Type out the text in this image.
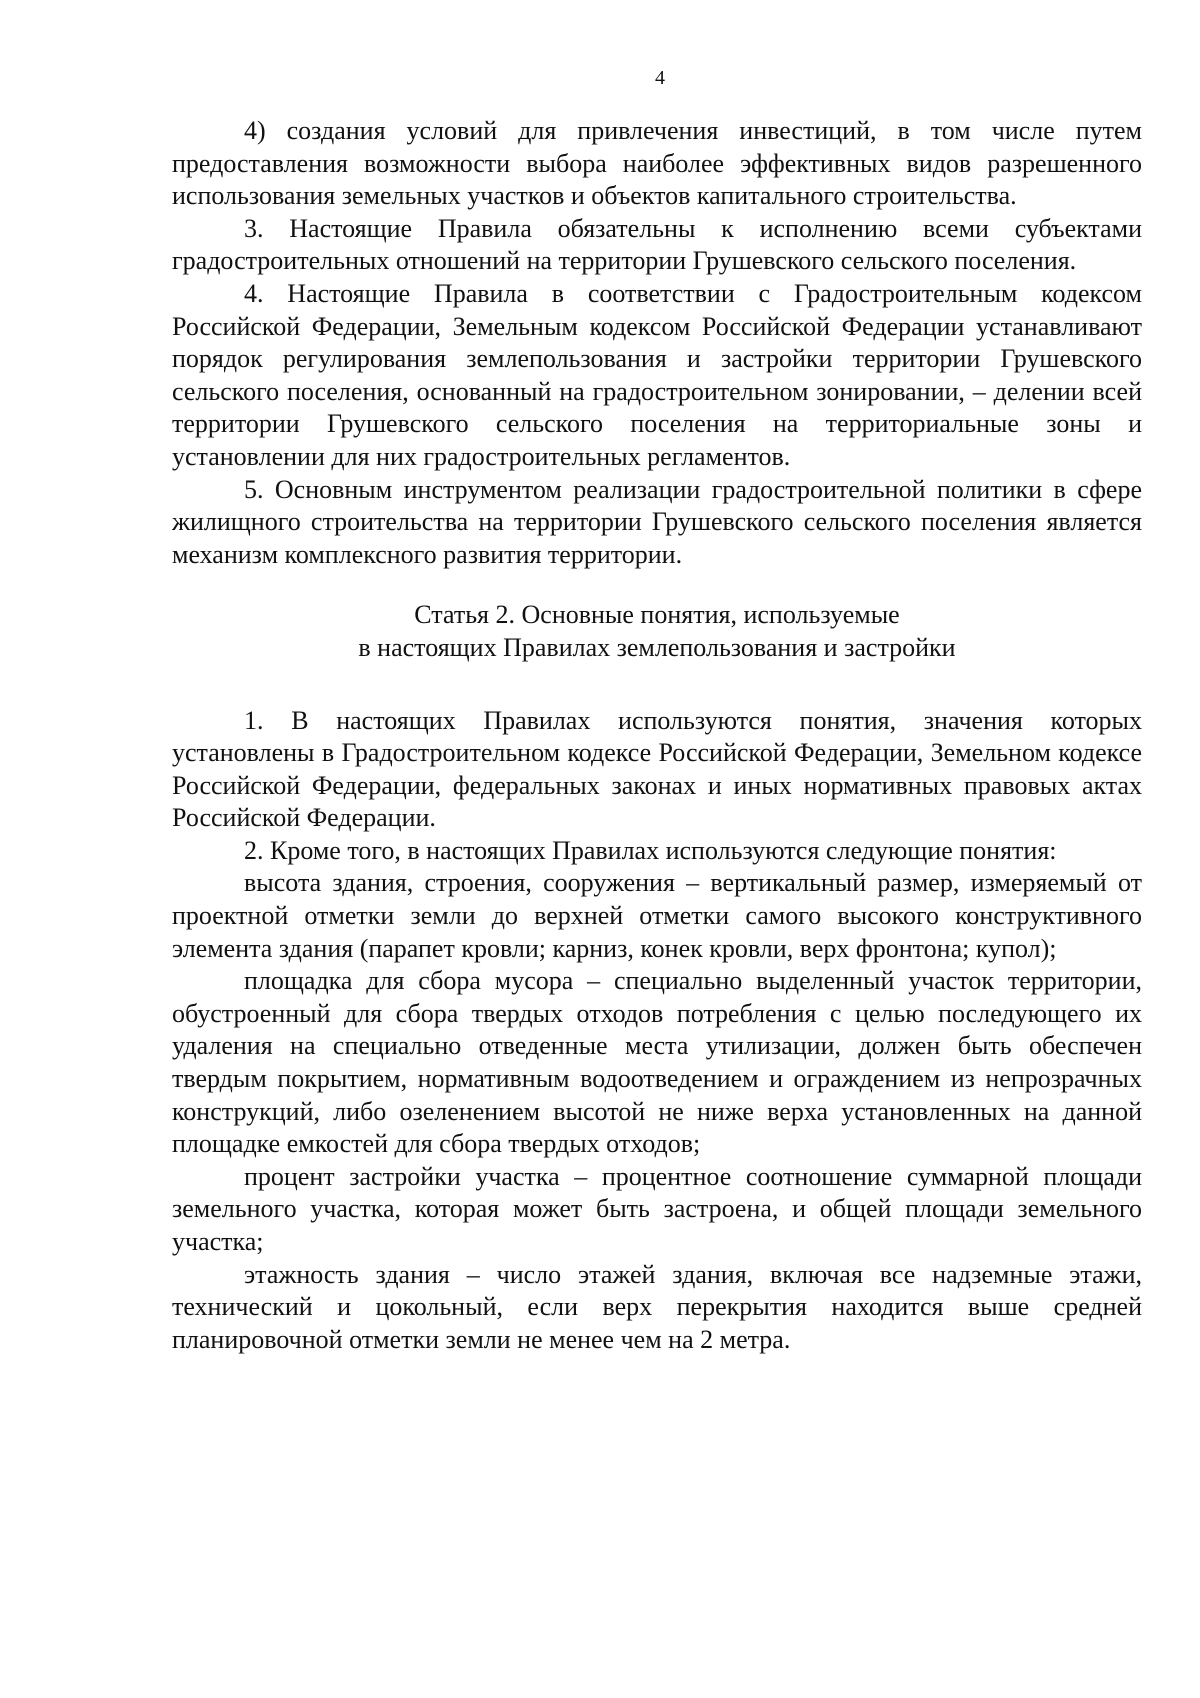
4

4) создания условий для привлечения инвестиций, в том числе путем предоставления возможности выбора наиболее эффективных видов разрешенного использования земельных участков и объектов капитального строительства.

3. Настоящие Правила обязательны к исполнению всеми субъектами градостроительных отношений на территории Грушевского сельского поселения.

4. Настоящие Правила в соответствии с Градостроительным кодексом Российской Федерации, Земельным кодексом Российской Федерации устанавливают порядок регулирования землепользования и застройки территории Грушевского сельского поселения, основанный на градостроительном зонировании, – делении всей территории Грушевского сельского поселения на территориальные зоны и установлении для них градостроительных регламентов.

5. Основным инструментом реализации градостроительной политики в сфере жилищного строительства на территории Грушевского сельского поселения является механизм комплексного развития территории.

Статья 2. Основные понятия, используемые
в настоящих Правилах землепользования и застройки

1. В настоящих Правилах используются понятия, значения которых установлены в Градостроительном кодексе Российской Федерации, Земельном кодексе Российской Федерации, федеральных законах и иных нормативных правовых актах Российской Федерации.

2. Кроме того, в настоящих Правилах используются следующие понятия:

высота здания, строения, сооружения – вертикальный размер, измеряемый от проектной отметки земли до верхней отметки самого высокого конструктивного элемента здания (парапет кровли; карниз, конек кровли, верх фронтона; купол);

площадка для сбора мусора – специально выделенный участок территории, обустроенный для сбора твердых отходов потребления с целью последующего их удаления на специально отведенные места утилизации, должен быть обеспечен твердым покрытием, нормативным водоотведением и ограждением из непрозрачных конструкций, либо озеленением высотой не ниже верха установленных на данной площадке емкостей для сбора твердых отходов;

процент застройки участка – процентное соотношение суммарной площади земельного участка, которая может быть застроена, и общей площади земельного участка;

этажность здания – число этажей здания, включая все надземные этажи, технический и цокольный, если верх перекрытия находится выше средней планировочной отметки земли не менее чем на 2 метра.
